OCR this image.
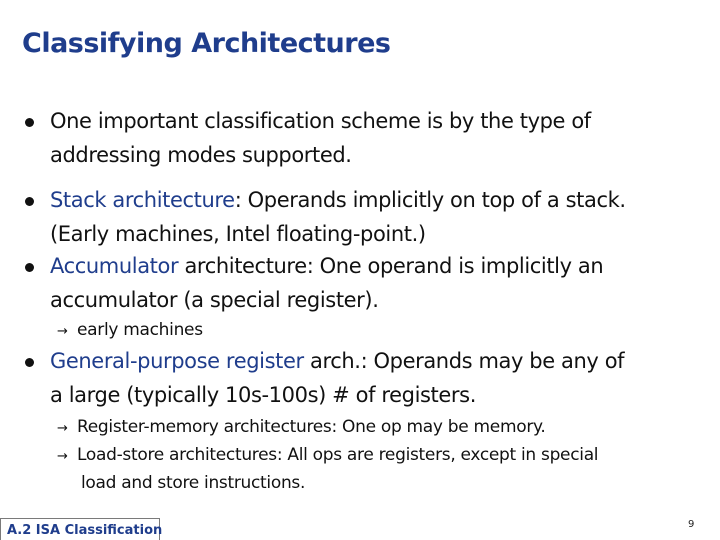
Classifying Architectures
One important classification scheme is by the type of
addressing modes supported.
Stack architecture: Operands implicitly on top of a stack.
(Early machines, Intel floating-point.)
Accumulator architecture: One operand is implicitly an
accumulator (a special register).
→ early machines
General-purpose register arch.: Operands may be any of
a large (typically 10s-100s) # of registers.
→ Register-memory architectures: One op may be memory.
→ Load-store architectures: All ops are registers, except in special
load and store instructions.
A.2 ISA Classification	9
